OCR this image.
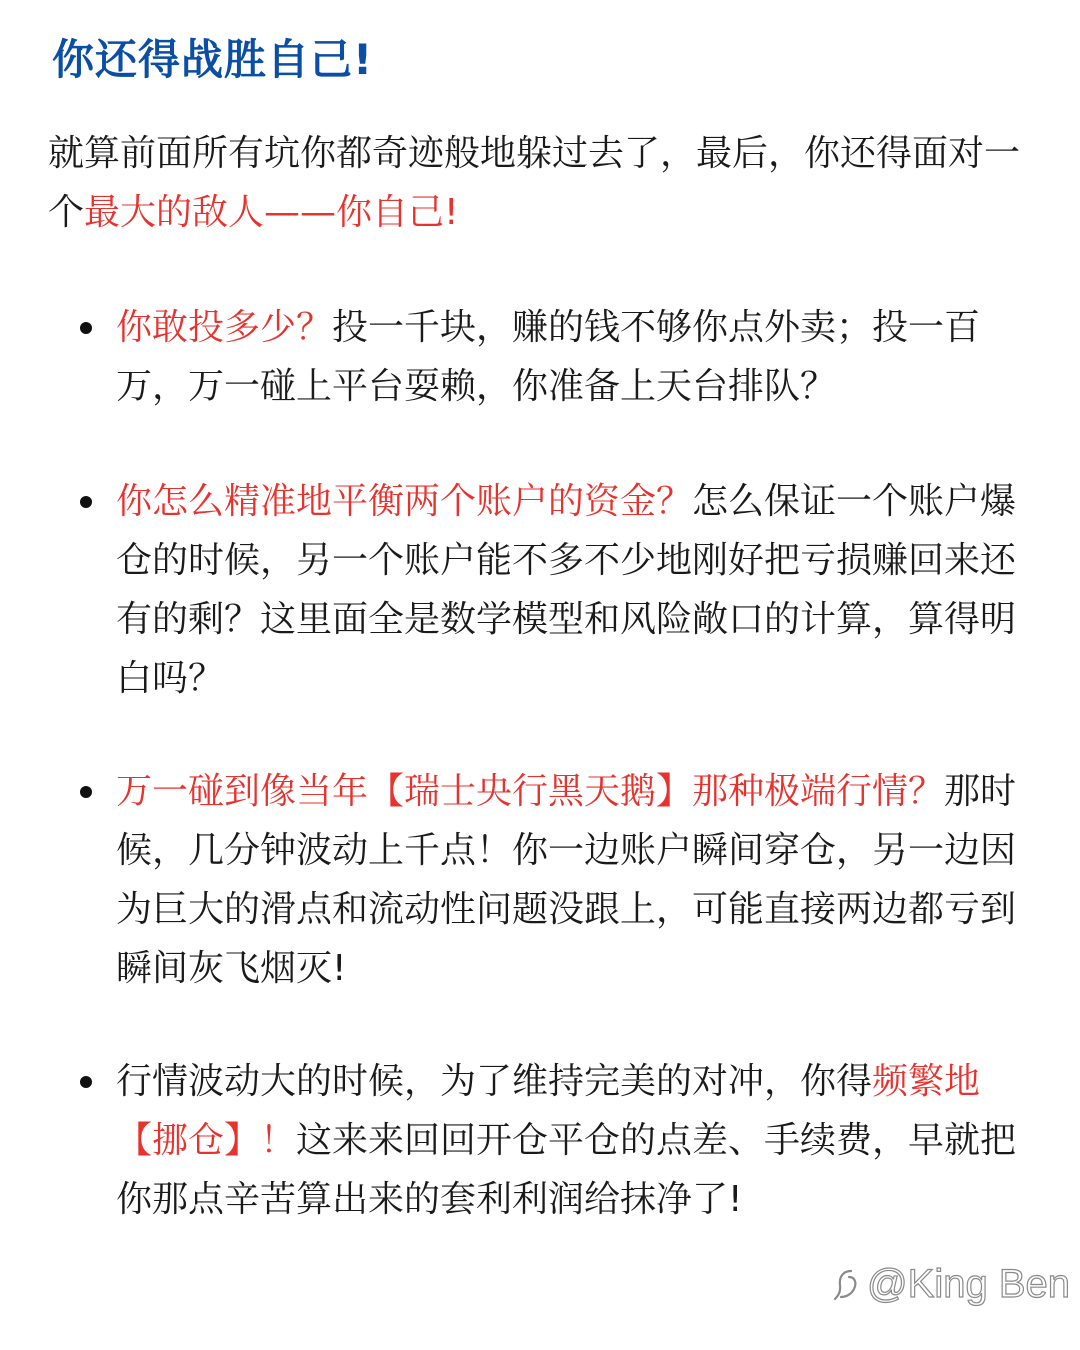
你还得战胜自己!

就算前面所有坑你都奇迹般地躲过去了，最后，你还得面对一个最大的敌人——你自己!

你敢投多少？投一千块，赚的钱不够你点外卖；投一百万，万一碰上平台耍赖，你准备上天台排队？
你怎么精准地平衡两个账户的资金？怎么保证一个账户爆仓的时候，另一个账户能不多不少地刚好把亏损赚回来还有的剩？这里面全是数学模型和风险敞口的计算，算得明白吗？
万一碰到像当年【瑞士央行黑天鹅】那种极端行情？那时候，几分钟波动上千点！你一边账户瞬间穿仓，另一边因为巨大的滑点和流动性问题没跟上，可能直接两边都亏到瞬间灰飞烟灭!
行情波动大的时候，为了维持完美的对冲，你得频繁地【挪仓】！这来来回回开仓平仓的点差、手续费，早就把你那点辛苦算出来的套利利润给抹净了!
@King Ben
